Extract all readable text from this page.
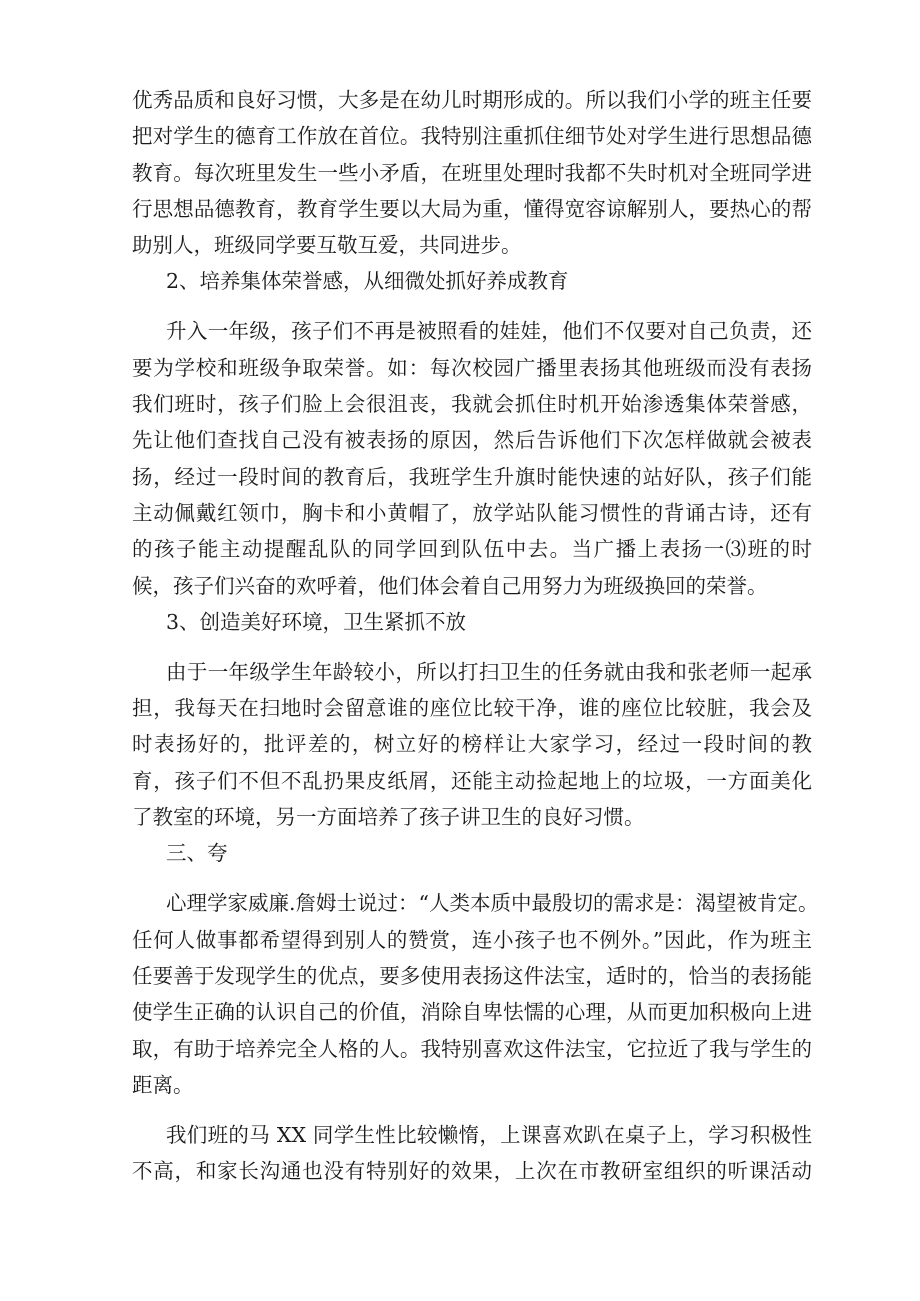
优秀品质和良好习惯，大多是在幼儿时期形成的。所以我们小学的班主任要
把对学生的德育工作放在首位。我特别注重抓住细节处对学生进行思想品德
教育。每次班里发生一些小矛盾，在班里处理时我都不失时机对全班同学进
行思想品德教育，教育学生要以大局为重，懂得宽容谅解别人，要热心的帮
助别人，班级同学要互敬互爱，共同进步。

2、培养集体荣誉感，从细微处抓好养成教育

升入一年级，孩子们不再是被照看的娃娃，他们不仅要对自己负责，还
要为学校和班级争取荣誉。如：每次校园广播里表扬其他班级而没有表扬
我们班时，孩子们脸上会很沮丧，我就会抓住时机开始渗透集体荣誉感，
先让他们查找自己没有被表扬的原因，然后告诉他们下次怎样做就会被表
扬，经过一段时间的教育后，我班学生升旗时能快速的站好队，孩子们能
主动佩戴红领巾，胸卡和小黄帽了，放学站队能习惯性的背诵古诗，还有
的孩子能主动提醒乱队的同学回到队伍中去。当广播上表扬一⑶班的时
候，孩子们兴奋的欢呼着，他们体会着自己用努力为班级换回的荣誉。

3、创造美好环境，卫生紧抓不放

由于一年级学生年龄较小，所以打扫卫生的任务就由我和张老师一起承
担，我每天在扫地时会留意谁的座位比较干净，谁的座位比较脏，我会及
时表扬好的，批评差的，树立好的榜样让大家学习，经过一段时间的教
育，孩子们不但不乱扔果皮纸屑，还能主动捡起地上的垃圾，一方面美化
了教室的环境，另一方面培养了孩子讲卫生的良好习惯。

三、夸

心理学家威廉.詹姆士说过：“人类本质中最殷切的需求是：渴望被肯定。
任何人做事都希望得到别人的赞赏，连小孩子也不例外。”因此，作为班主
任要善于发现学生的优点，要多使用表扬这件法宝，适时的，恰当的表扬能
使学生正确的认识自己的价值，消除自卑怯懦的心理，从而更加积极向上进
取，有助于培养完全人格的人。我特别喜欢这件法宝，它拉近了我与学生的
距离。

我们班的马 XX 同学生性比较懒惰，上课喜欢趴在桌子上，学习积极性
不高，和家长沟通也没有特别好的效果，上次在市教研室组织的听课活动
